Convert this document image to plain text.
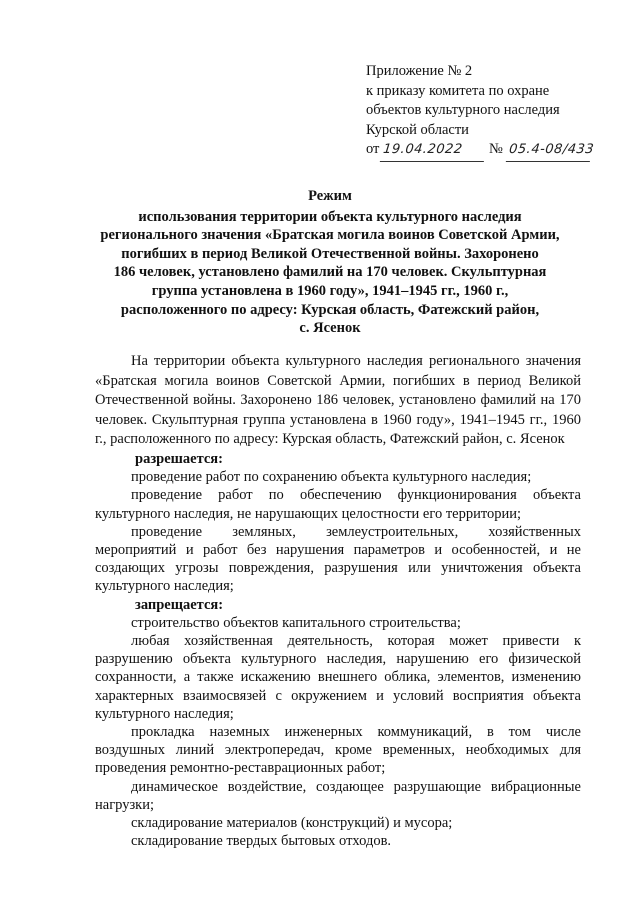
Приложение № 2
к приказу комитета по охране
объектов культурного наследия
Курской области
от 19.04.2022 № 05.4-08/433
Режим
использования территории объекта культурного наследия
регионального значения «Братская могила воинов Советской Армии,
погибших в период Великой Отечественной войны. Захоронено
186 человек, установлено фамилий на 170 человек. Скульптурная
группа установлена в 1960 году», 1941–1945 гг., 1960 г.,
расположенного по адресу: Курская область, Фатежский район,
с. Ясенок

На территории объекта культурного наследия регионального значения «Братская могила воинов Советской Армии, погибших в период Великой Отечественной войны. Захоронено 186 человек, установлено фамилий на 170 человек. Скульптурная группа установлена в 1960 году», 1941–1945 гг., 1960 г., расположенного по адресу: Курская область, Фатежский район, с. Ясенок

разрешается:

проведение работ по сохранению объекта культурного наследия;

проведение работ по обеспечению функционирования объекта культурного наследия, не нарушающих целостности его территории;

проведение земляных, землеустроительных, хозяйственных мероприятий и работ без нарушения параметров и особенностей, и не создающих угрозы повреждения, разрушения или уничтожения объекта культурного наследия;

запрещается:

строительство объектов капитального строительства;

любая хозяйственная деятельность, которая может привести к разрушению объекта культурного наследия, нарушению его физической сохранности, а также искажению внешнего облика, элементов, изменению характерных взаимосвязей с окружением и условий восприятия объекта культурного наследия;

прокладка наземных инженерных коммуникаций, в том числе воздушных линий электропередач, кроме временных, необходимых для проведения ремонтно-реставрационных работ;

динамическое воздействие, создающее разрушающие вибрационные нагрузки;

складирование материалов (конструкций) и мусора;

складирование твердых бытовых отходов.
